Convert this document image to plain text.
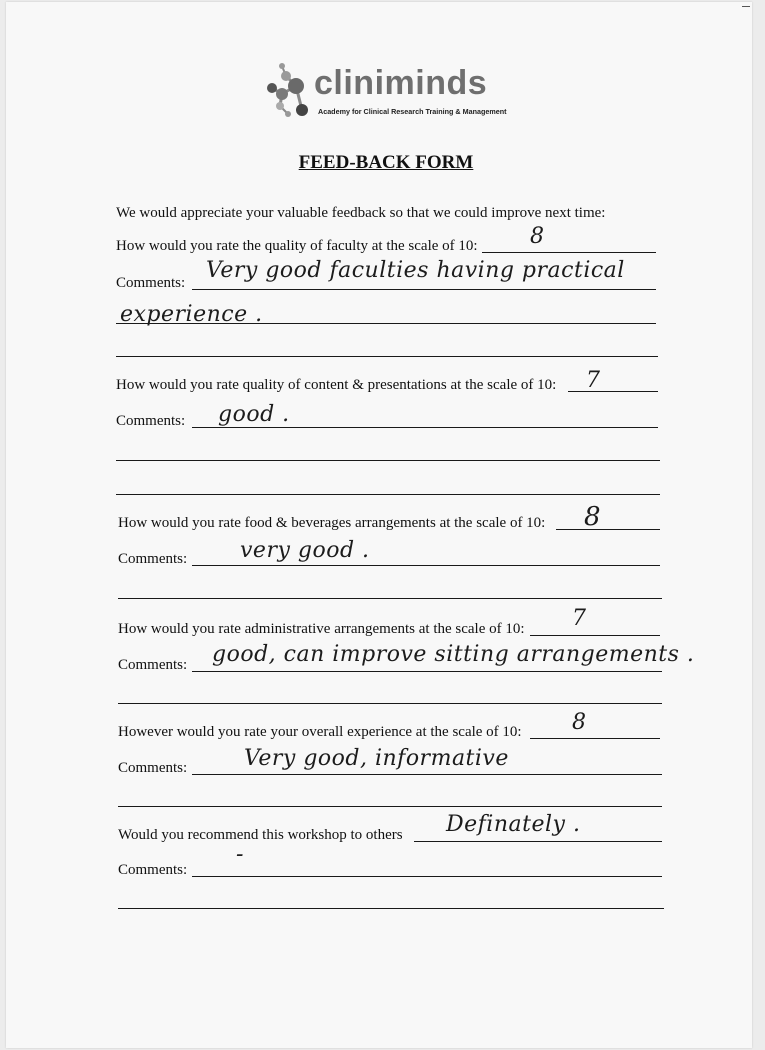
cliniminds
Academy for Clinical Research Training & Management
FEED-BACK FORM
We would appreciate your valuable feedback so that we could improve next time:
How would you rate the quality of faculty at the scale of 10: 8
Comments: Very good faculties having practical
experience .
How would you rate quality of content & presentations at the scale of 10: 7
Comments: good .
How would you rate food & beverages arrangements at the scale of 10: 8
Comments: very good .
How would you rate administrative arrangements at the scale of 10: 7
Comments: good, can improve sitting arrangements .
However would you rate your overall experience at the scale of 10: 8
Comments:	Very good, informative
Would you recommend this workshop to others Definately .
Comments:
-
